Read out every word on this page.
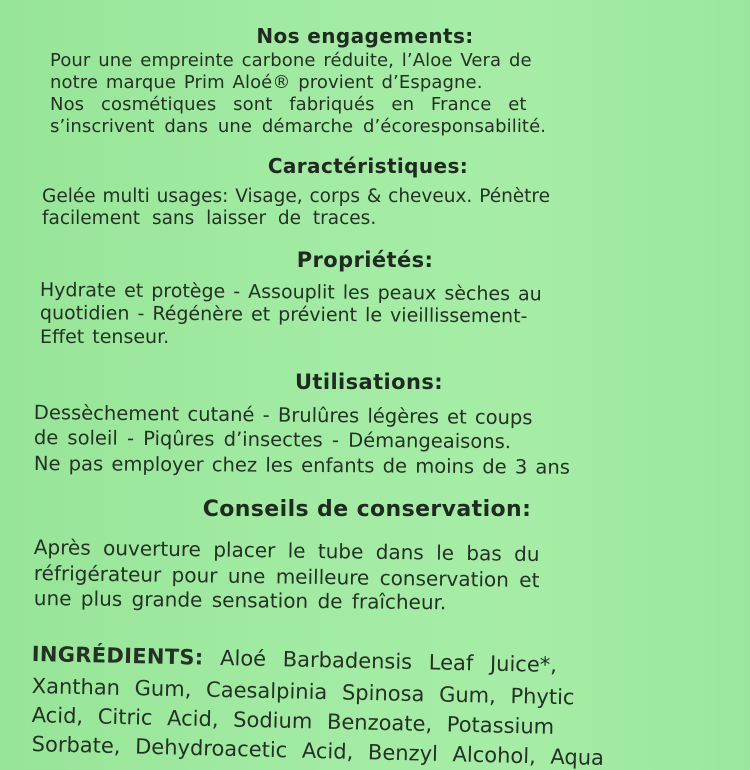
Nos engagements:
Pour une empreinte carbone réduite, l’Aloe Vera de
notre marque Prim Aloé® provient d’Espagne.
Nos cosmétiques sont fabriqués en France et
s’inscrivent dans une démarche d’écoresponsabilité.
Caractéristiques:
Gelée multi usages: Visage, corps & cheveux. Pénètre
facilement sans laisser de traces.
Propriétés:
Hydrate et protège - Assouplit les peaux sèches au
quotidien - Régénère et prévient le vieillissement-
Effet tenseur.
Utilisations:
Dessèchement cutané - Brulûres légères et coups
de soleil - Piqûres d’insectes - Démangeaisons.
Ne pas employer chez les enfants de moins de 3 ans
Conseils de conservation:
Après ouverture placer le tube dans le bas du
réfrigérateur pour une meilleure conservation et
une plus grande sensation de fraîcheur.
INGRÉDIENTS: Aloé Barbadensis Leaf Juice*,
Xanthan Gum, Caesalpinia Spinosa Gum, Phytic
Acid, Citric Acid, Sodium Benzoate, Potassium
Sorbate, Dehydroacetic Acid, Benzyl Alcohol, Aqua
